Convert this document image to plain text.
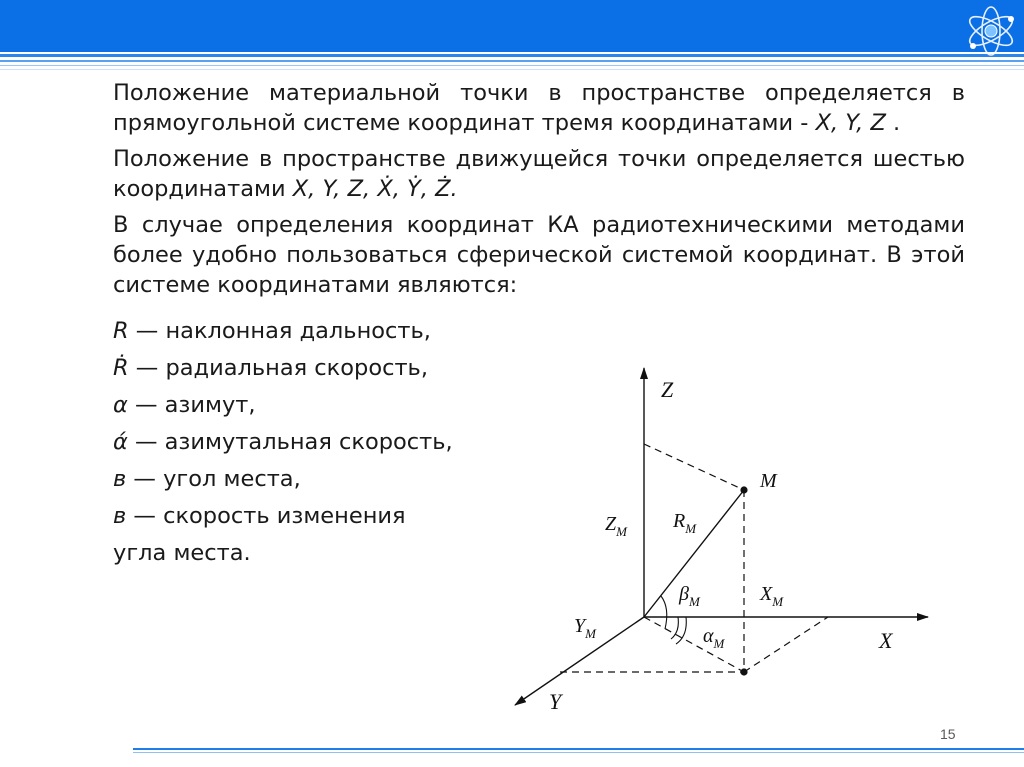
Положение материальной точки в пространстве определяется в прямоугольной системе координат тремя координатами - X, Y, Z .

Положение в пространстве движущейся точки определяется шестью координатами X, Y, Z, Ẋ, Ẏ, Ż.

В случае определения координат КА радиотехническими методами более удобно пользоваться сферической системой координат. В этой системе координатами являются:

R — наклонная дальность,
Ṙ — радиальная скорость,
α — азимут,
ά — азимутальная скорость,
в — угол места,
в — скорость изменения
угла места.
Z
X
Y
M
$Z_M$ $R_M$
$\beta_M$	$X_M$
$\alpha_M$
$Y_M$
15
